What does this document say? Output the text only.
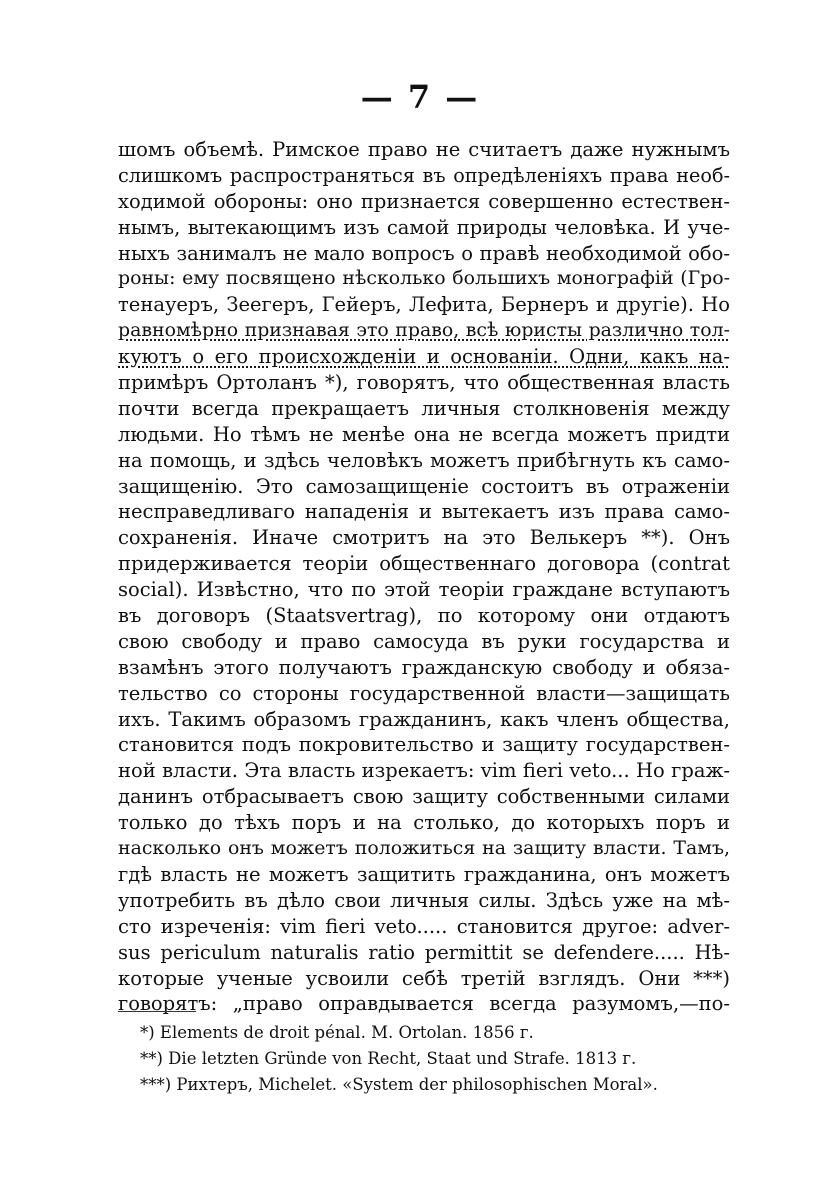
— 7 —
шомъ объемѣ. Римское право не считаетъ даже нужнымъ
слишкомъ распространяться въ опредѣленіяхъ права необ-
ходимой обороны: оно признается совершенно естествен-
нымъ, вытекающимъ изъ самой природы человѣка. И уче-
ныхъ занималъ не мало вопросъ о правѣ необходимой обо-
роны: ему посвящено нѣсколько большихъ монографій (Гро-
тенауеръ, Зеегеръ, Гейеръ, Лефита, Бернеръ и другіе). Но
равномѣрно признавая это право, всѣ юристы различно тол-
куютъ о его происхожденіи и основаніи. Одни, какъ на-
примѣръ Ортоланъ *), говорятъ, что общественная власть
почти всегда прекращаетъ личныя столкновенія между
людьми. Но тѣмъ не менѣе она не всегда можетъ придти
на помощь, и здѣсь человѣкъ можетъ прибѣгнуть къ само-
защищенію. Это самозащищеніе состоитъ въ отраженіи
несправедливаго нападенія и вытекаетъ изъ права само-
сохраненія. Иначе смотритъ на это Велькеръ **). Онъ
придерживается теоріи общественнаго договора (contrat
social). Извѣстно, что по этой теоріи граждане вступаютъ
въ договоръ (Staatsvertrag), по которому они отдаютъ
свою свободу и право самосуда въ руки государства и
взамѣнъ этого получаютъ гражданскую свободу и обяза-
тельство со стороны государственной власти—защищать
ихъ. Такимъ образомъ гражданинъ, какъ членъ общества,
становится подъ покровительство и защиту государствен-
ной власти. Эта власть изрекаетъ: vim fieri veto... Но граж-
данинъ отбрасываетъ свою защиту собственными силами
только до тѣхъ поръ и на столько, до которыхъ поръ и
насколько онъ можетъ положиться на защиту власти. Тамъ,
гдѣ власть не можетъ защитить гражданина, онъ можетъ
употребить въ дѣло свои личныя силы. Здѣсь уже на мѣ-
сто изреченія: vim fieri veto..... становится другое: adver-
sus periculum naturalis ratio permittit se defendere..... Нѣ-
которые ученые усвоили себѣ третій взглядъ. Они ***)
говорятъ: „право оправдывается всегда разумомъ,—по-
*) Elements de droit pénal. M. Ortolan. 1856 г.
**) Die letzten Gründe von Recht, Staat und Strafe. 1813 г.
***) Рихтеръ, Michelet. «System der philosophischen Moral».
